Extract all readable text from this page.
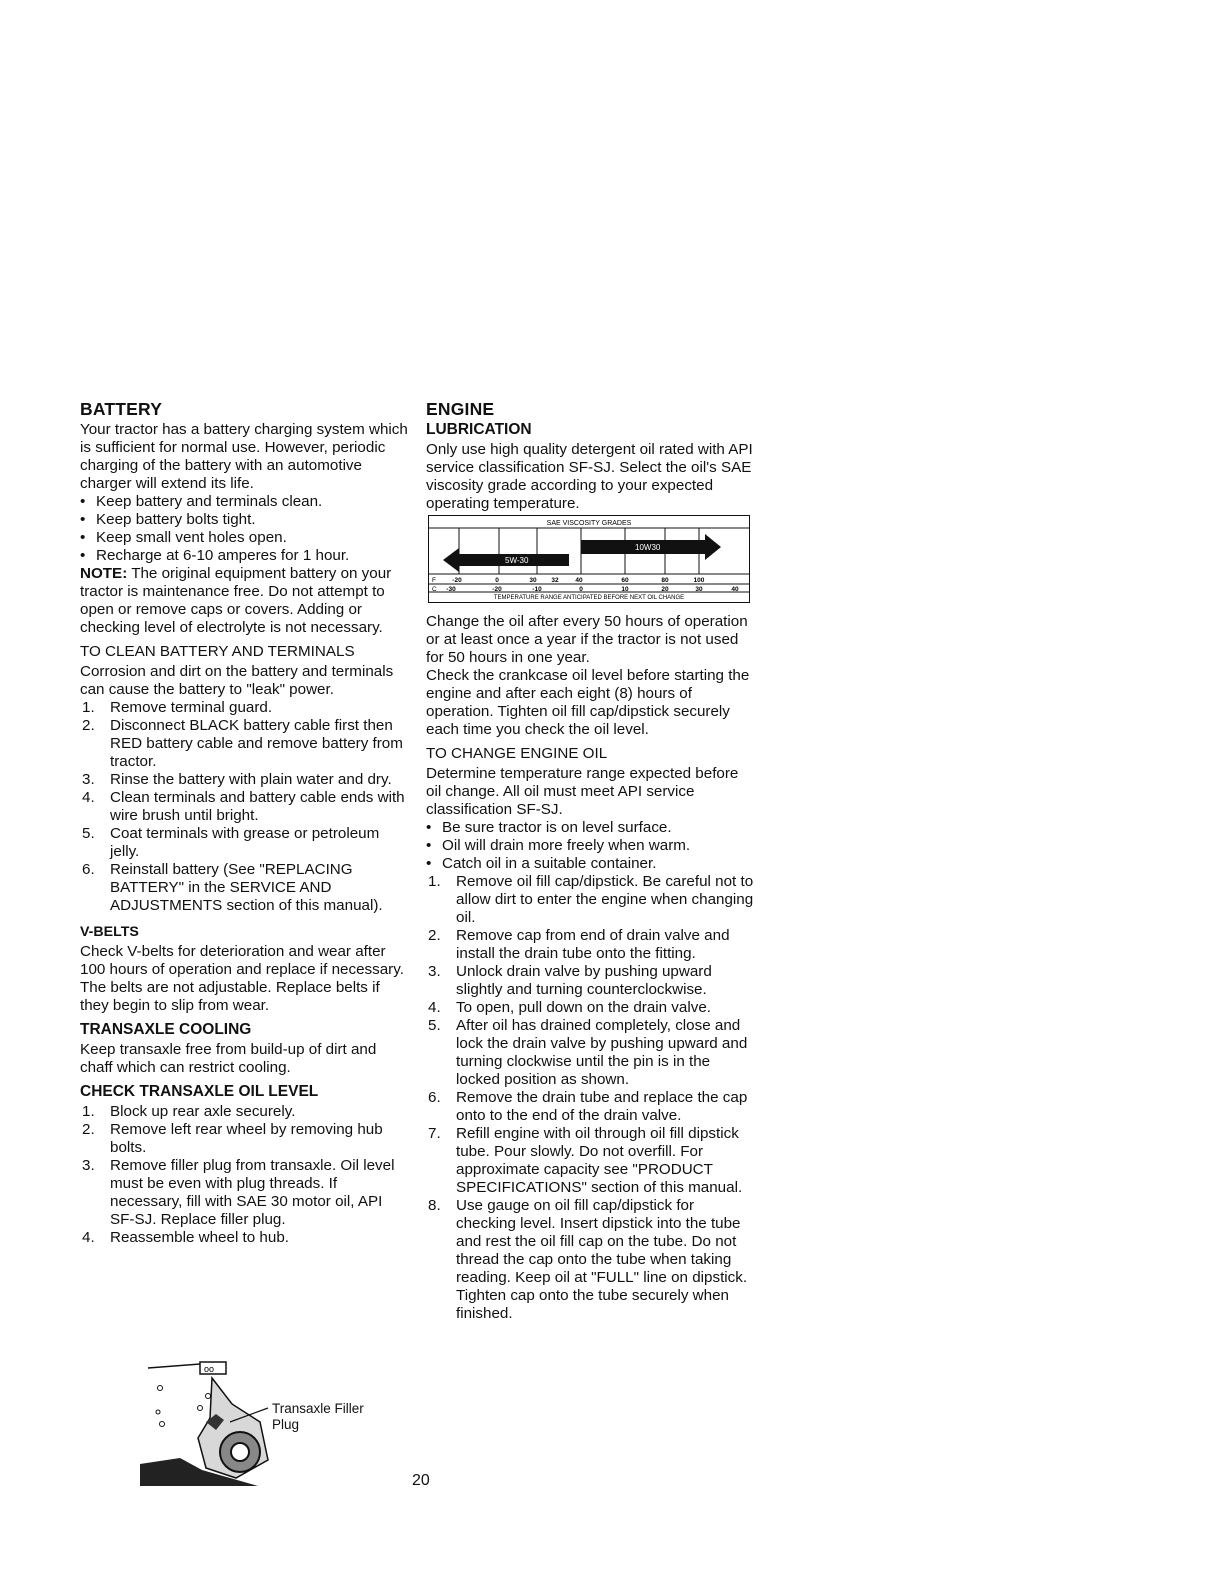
BATTERY

Your tractor has a battery charging system which is sufficient for normal use. However, periodic charging of the battery with an automotive charger will extend its life.

• Keep battery and terminals clean.
• Keep battery bolts tight.
• Keep small vent holes open.
• Recharge at 6-10 amperes for 1 hour.

NOTE: The original equipment battery on your tractor is maintenance free. Do not attempt to open or remove caps or covers. Adding or checking level of electrolyte is not necessary.

TO CLEAN BATTERY AND TERMINALS

Corrosion and dirt on the battery and terminals can cause the battery to "leak" power.

1.	Remove terminal guard.
2.	Disconnect BLACK battery cable first then RED battery cable and remove battery from tractor.
3.	Rinse the battery with plain water and dry.
4.	Clean terminals and battery cable ends with wire brush until bright.
5.	Coat terminals with grease or petroleum jelly.
6.	Reinstall battery (See "REPLACING BATTERY" in the SERVICE AND ADJUSTMENTS section of this manual).
V-BELTS

Check V-belts for deterioration and wear after 100 hours of operation and replace if necessary. The belts are not adjustable. Replace belts if they begin to slip from wear.

TRANSAXLE COOLING

Keep transaxle free from build-up of dirt and chaff which can restrict cooling.

CHECK TRANSAXLE OIL LEVEL
1.	Block up rear axle securely.
2.	Remove left rear wheel by removing hub bolts.
3.	Remove filler plug from transaxle. Oil level must be even with plug threads. If necessary, fill with SAE 30 motor oil, API SF-SJ. Replace filler plug.
4.	Reassemble wheel to hub.
oo
Transaxle Filler
Plug
ENGINE
LUBRICATION

Only use high quality detergent oil rated with API service classification SF-SJ. Select the oil's SAE viscosity grade according to your expected operating temperature.

SAE VISCOSITY GRADES
5W-30
10W30
F	-20	0	30 32	40	60	80	100
C -30	-20	-10	0	10	20	30	40
TEMPERATURE RANGE ANTICIPATED BEFORE NEXT OIL CHANGE

Change the oil after every 50 hours of operation or at least once a year if the tractor is not used for 50 hours in one year.

Check the crankcase oil level before starting the engine and after each eight (8) hours of operation. Tighten oil fill cap/dipstick securely each time you check the oil level.

TO CHANGE ENGINE OIL

Determine temperature range expected before oil change. All oil must meet API service classification SF-SJ.

• Be sure tractor is on level surface.
• Oil will drain more freely when warm.
• Catch oil in a suitable container.
1.	Remove oil fill cap/dipstick. Be careful not to allow dirt to enter the engine when changing oil.
2.	Remove cap from end of drain valve and install the drain tube onto the fitting.
3.	Unlock drain valve by pushing upward slightly and turning counterclockwise.
4.	To open, pull down on the drain valve.
5.	After oil has drained completely, close and lock the drain valve by pushing upward and turning clockwise until the pin is in the locked position as shown.
6.	Remove the drain tube and replace the cap onto to the end of the drain valve.
7.	Refill engine with oil through oil fill dipstick tube. Pour slowly. Do not overfill. For approximate capacity see "PRODUCT SPECIFICATIONS" section of this manual.
8.	Use gauge on oil fill cap/dipstick for checking level. Insert dipstick into the tube and rest the oil fill cap on the tube. Do not thread the cap onto the tube when taking reading. Keep oil at "FULL" line on dipstick. Tighten cap onto the tube securely when finished.
20
